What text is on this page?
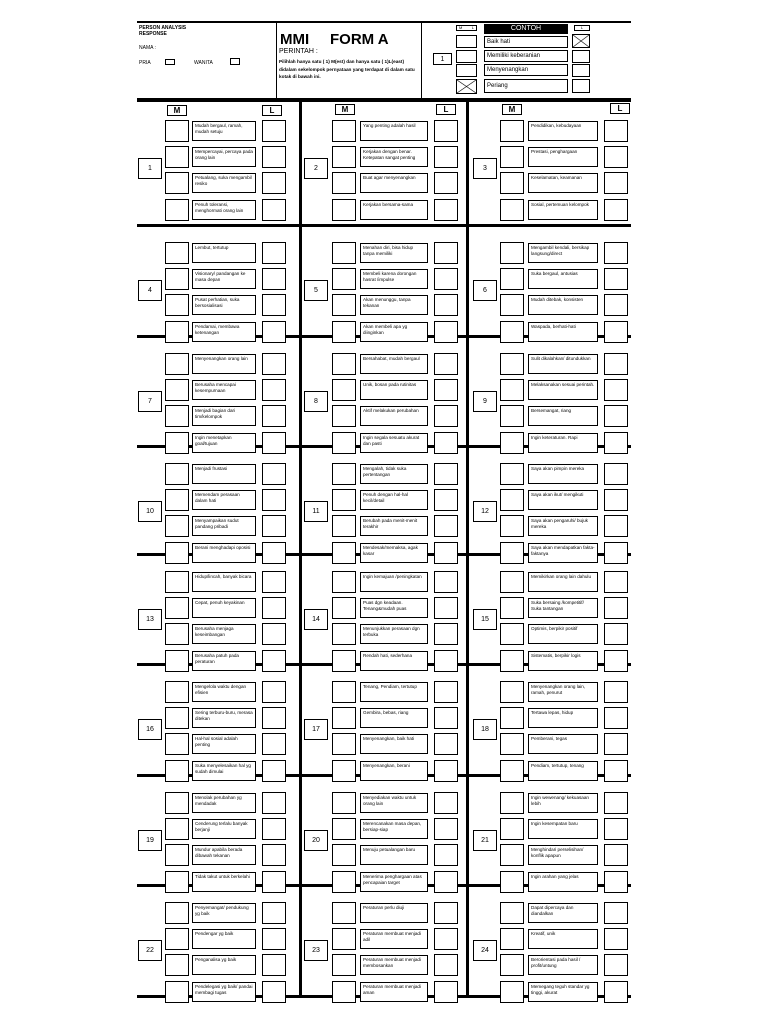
PERSON ANALYSIS
RESPONSE
NAMA :
PRIA	WANITA
MMI     FORM A
PERINTAH :
Pilihlah hanya satu ( 1) M(est) dan hanya satu ( 1)L(east) didalam sekelompok pernyataan yang terdapat di dalam satu kotak di bawah ini.
1
M L	CONTOH
Baik hati
Memiliki keberanian
Menyenangkan
Periang
L
M	L	M	L	M	L
1
Mudah bergaul, ramah, mudah setuju
Mempercayai, percaya pada orang lain
Petualang, suka mengambil resiko
Penuh toleransi, menghormati orang lain
2
Yang penting adalah hasil
Kerjakan dengan benar. Ketepatan sangat penting
Buat agar menyenangkan
Kerjakan bersama-sama
3
Pendidikan, kebudayaan
Prestasi, penghargaan
Keselamatan, keamanan
Sosial, pertemuan kelompok
4
Lembut, tertutup
Visionary/ pandangan ke masa depan
Pusat perhatian, suka bersosialisasi
Pendamai, membawa ketenangan
5
Menahan diri, bisa hidup tanpa memiliki
Membeli karena dorongan hasrat /impulse
Akan menunggu, tanpa tekanan
Akan membeli apa yg diinginkan
6
Mengambil kendali, bersikap langsung/direct
Suka bergaul, antusias
Mudah ditebak, konsisten
Waspada, berhati-hati
7
Menyenangkan orang lain
Berusaha mencapai kesempurnaan
Menjadi bagian dari tim/kelompok
Ingin menetapkan goal/tujuan
8
Bersahabat, mudah bergaul
Unik, bosan pada rutinitas
Aktif melakukan perubahan
Ingin segala sesuatu akurat dan pasti
9
Sulit dikalahkan/ ditundukkan
Melaksanakan sesuai perintah.
Bersemangat, riang
Ingin keteraturan. Rapi
10
Menjadi frustasi
Memendam perasaan dalam hati
Menyampaikan sudut pandang pribadi
Berani menghadapi oposisi
11
Mengalah, tidak suka pertentangan
Penuh dengan hal-hal kecil/detail
Berubah pada menit-menit terakhir
Mendesak/memaksa, agak kasar
12
Saya akan pimpin mereka
Saya akan ikut/ mengikuti
Saya akan pengaruhi/ bujuk mereka
Saya akan mendapatkan fakta-faktanya
13
Hidup/lincah, banyak bicara
Cepat, penuh keyakinan
Berusaha menjaga keseimbangan
Berusaha patuh pada peraturan
14
Ingin kemajuan /peningkatan
Puas dgn keadaan. Tenang&mudah puas
Menunjukkan perasaan dgn terbuka
Rendah hati, sederhana
15
Memikirkan orang lain dahulu
Suka bersaing /kompetitif/ Suka tantangan
Optimis, berpikir positif
Sistematis, berpikir logis
16
Mengelola waktu dengan efisien
Sering terburu-buru, merasa ditekan
Hal-hal sosial adalah penting
Suka menyelesaikan hal yg sudah dimulai
17
Tenang, Pendiam, tertutup
Gembira, bebas, riang
Menyenangkan, baik hati
Menyenangkan, berani
18
Menyenangkan orang lain, ramah, penurut
Tertawa lepas, hidup
Pemberani, tegas
Pendiam, tertutup, tenang
19
Menolak perubahan yg mendadak
Cenderung terlalu banyak berjanji
Mundur apabila berada dibawah tekanan
Tidak takut untuk berkelahi
20
Menyediakan waktu untuk orang lain
Merencanakan masa depan, bersiap-siap
Menuju petualangan baru
Menerima penghargaan atas pencapaian target
21
Ingin wewenang/ kekuasaan lebih
Ingin kesempatan baru
Menghindari perselisihan/ konflik apapun
Ingin arahan yang jelas
22
Penyemangat/ pendukung yg baik
Pendengar yg baik
Penganalisa yg baik
Pendelegasi yg baik/ pandai membagi tugas
23
Peraturan perlu diuji
Peraturan membuat menjadi adil
Peraturan membuat menjadi membosankan
Peraturan membuat menjadi aman
24
Dapat dipercaya dan diandalkan
Kreatif, unik
Berorientasi pada hasil / profit/untung
Memegang teguh standar yg tinggi, akurat
